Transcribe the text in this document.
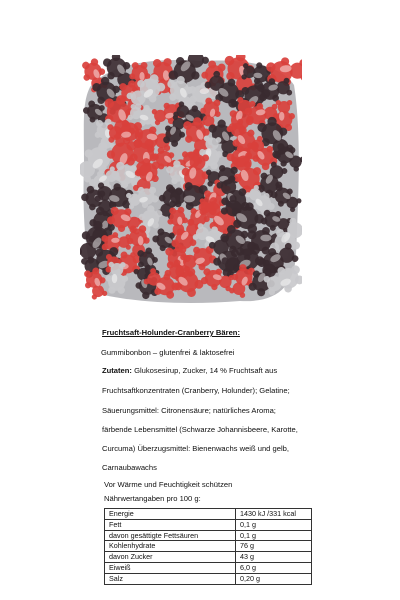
Fruchtsaft-Holunder-Cranberry Bären:
Gummibonbon – glutenfrei & laktosefrei
Zutaten: Glukosesirup, Zucker, 14 % Fruchtsaft aus
Fruchtsaftkonzentraten (Cranberry, Holunder); Gelatine;
Säuerungsmittel: Citronensäure; natürliches Aroma;
färbende Lebensmittel (Schwarze Johannisbeere, Karotte,
Curcuma) Überzugsmittel: Bienenwachs weiß und gelb,
Carnaubawachs
Vor Wärme und Feuchtigkeit schützen
Nährwertangaben pro 100 g:
Energie	1430 kJ /331 kcal
Fett	0,1 g
davon gesättigte Fettsäuren	0,1 g
Kohlenhydrate	76 g
davon Zucker	43 g
Eiweiß	6,0 g
Salz	0,20 g
